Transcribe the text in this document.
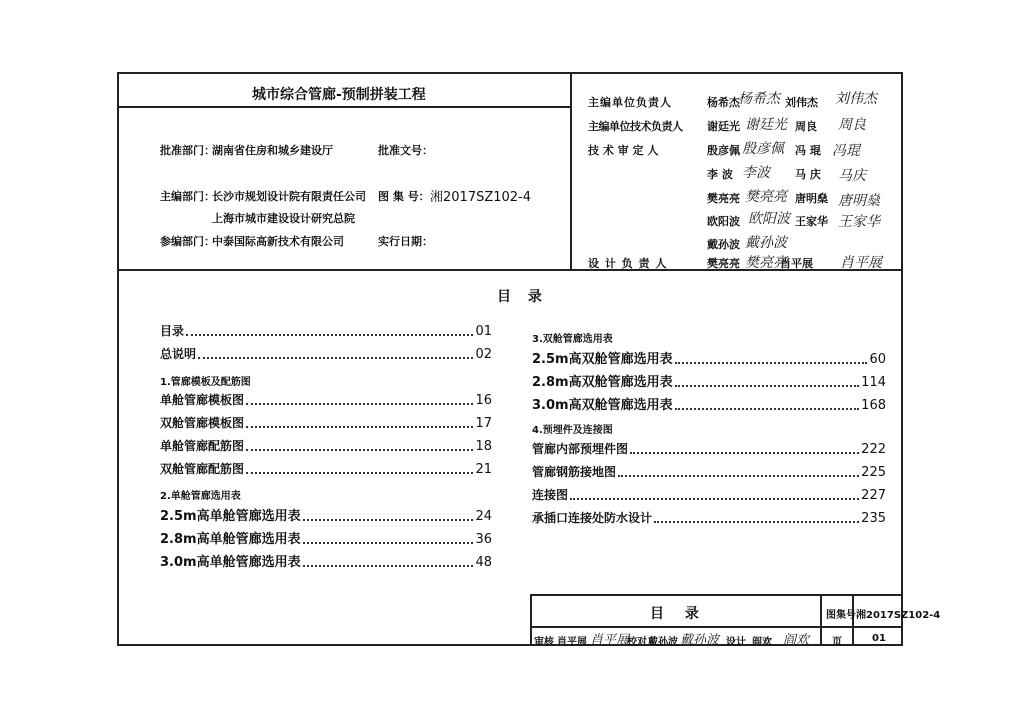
城市综合管廊-预制拼装工程
批准部门：
湖南省住房和城乡建设厅	批准文号：
主编部门：
长沙市规划设计院有限责任公司
上海市城市建设设计研究总院
图 集 号： 湘2017SZ102-4
参编部门：
中泰国际高新技术有限公司	实行日期：
主编单位负责人	杨希杰	刘伟杰
主编单位技术负责人 谢廷光	周良
技 术 审 定 人	殷彦佩	冯 琨
李 波	马 庆
樊亮亮	唐明燊
欧阳波	王家华
戴孙波
设 计 负 责 人	樊亮亮	肖平展
杨希杰	刘伟杰
谢廷光	周良
殷彦佩	冯琨
李波	马庆
樊亮亮	唐明燊
欧阳波	王家华
戴孙波
樊亮亮	肖平展
目 录
目录	01
总说明	02
1.管廊模板及配筋图
单舱管廊模板图	16
双舱管廊模板图	17
单舱管廊配筋图	18
双舱管廊配筋图	21
2.单舱管廊选用表
2.5m高单舱管廊选用表	24
2.8m高单舱管廊选用表	36
3.0m高单舱管廊选用表	48
3.双舱管廊选用表
2.5m高双舱管廊选用表	60
2.8m高双舱管廊选用表	114
3.0m高双舱管廊选用表	168
4.预埋件及连接图
管廊内部预埋件图	222
管廊钢筋接地图	225
连接图	227
承插口连接处防水设计	235
目 录	图集号 湘2017SZ102-4
页	01
审核 肖平展 肖平展
校对 戴孙波 戴孙波 设计 阎欢 阎欢
